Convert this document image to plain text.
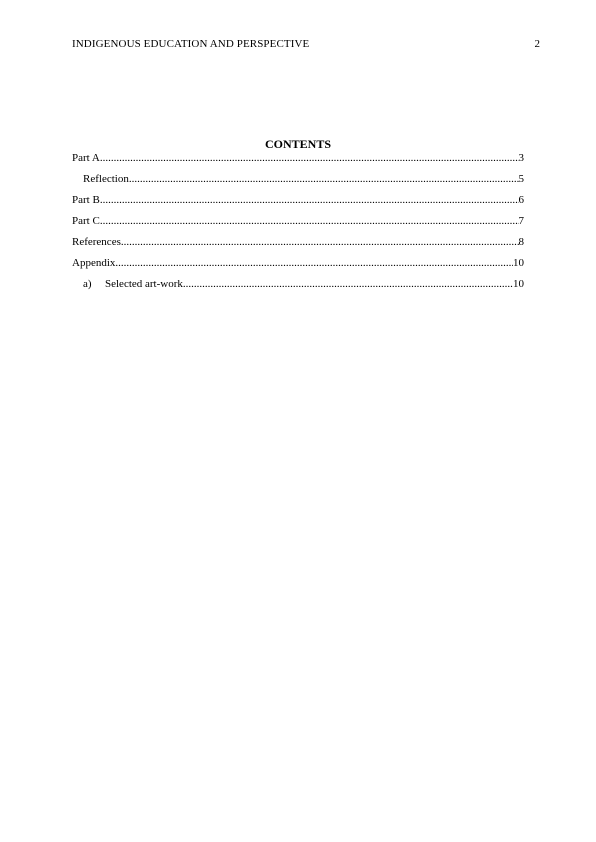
INDIGENOUS EDUCATION AND PERSPECTIVE	2
CONTENTS
Part A .....	3
Reflection .....	5
Part B .....	6
Part C .....	7
References .....	8
Appendix .....	10
a)	Selected art-work .....	10
